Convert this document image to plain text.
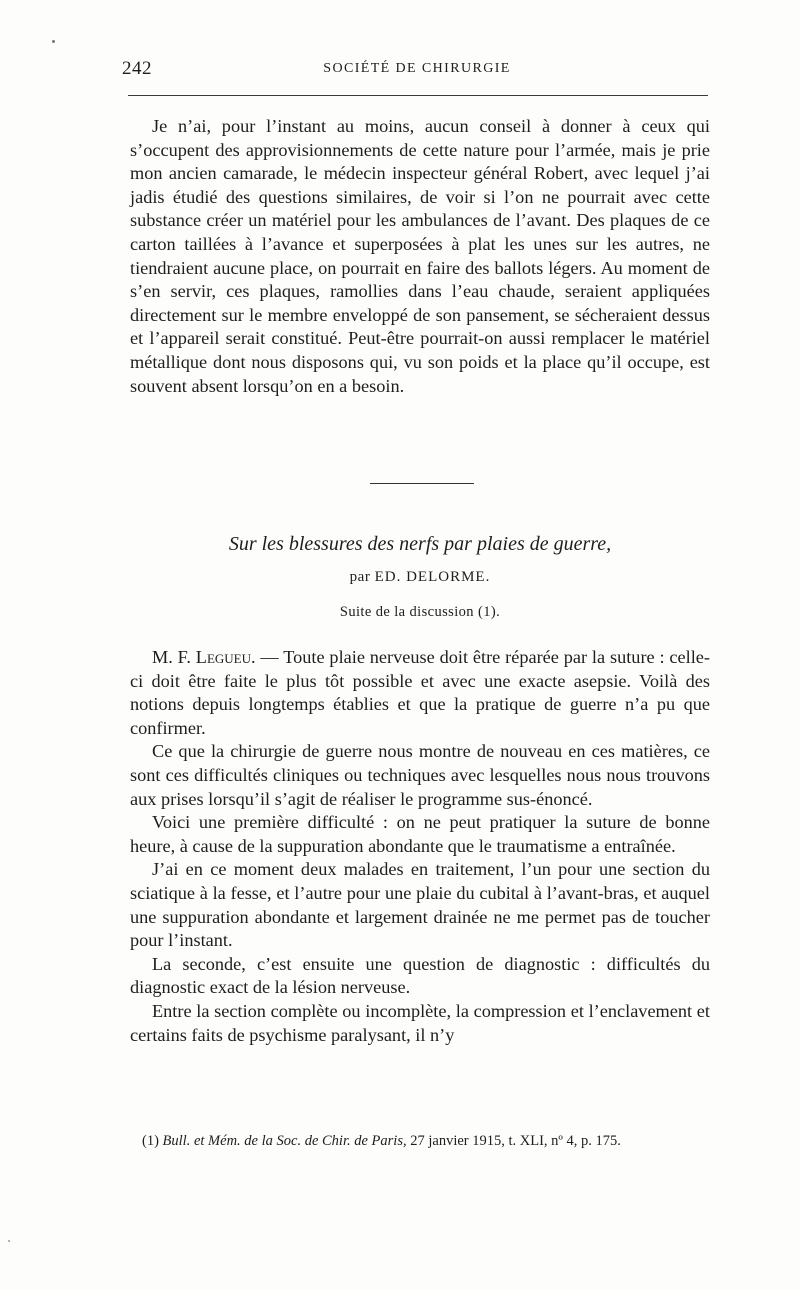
242	SOCIÉTÉ DE CHIRURGIE

Je n’ai, pour l’instant au moins, aucun conseil à donner à ceux qui s’occupent des approvisionnements de cette nature pour l’armée, mais je prie mon ancien camarade, le médecin inspecteur général Robert, avec lequel j’ai jadis étudié des questions similaires, de voir si l’on ne pourrait avec cette substance créer un matériel pour les ambulances de l’avant. Des plaques de ce carton taillées à l’avance et superposées à plat les unes sur les autres, ne tiendraient aucune place, on pourrait en faire des ballots légers. Au moment de s’en servir, ces plaques, ramollies dans l’eau chaude, seraient appliquées directement sur le membre enveloppé de son pansement, se sécheraient dessus et l’appareil serait constitué. Peut-être pourrait-on aussi remplacer le matériel métallique dont nous disposons qui, vu son poids et la place qu’il occupe, est souvent absent lorsqu’on en a besoin.

Sur les blessures des nerfs par plaies de guerre,
par ED. DELORME.
Suite de la discussion (1).

M. F. Legueu. — Toute plaie nerveuse doit être réparée par la suture : celle-ci doit être faite le plus tôt possible et avec une exacte asepsie. Voilà des notions depuis longtemps établies et que la pratique de guerre n’a pu que confirmer.

Ce que la chirurgie de guerre nous montre de nouveau en ces matières, ce sont ces difficultés cliniques ou techniques avec lesquelles nous nous trouvons aux prises lorsqu’il s’agit de réaliser le programme sus-énoncé.

Voici une première difficulté : on ne peut pratiquer la suture de bonne heure, à cause de la suppuration abondante que le traumatisme a entraînée.

J’ai en ce moment deux malades en traitement, l’un pour une section du sciatique à la fesse, et l’autre pour une plaie du cubital à l’avant-bras, et auquel une suppuration abondante et largement drainée ne me permet pas de toucher pour l’instant.

La seconde, c’est ensuite une question de diagnostic : difficultés du diagnostic exact de la lésion nerveuse.

Entre la section complète ou incomplète, la compression et l’enclavement et certains faits de psychisme paralysant, il n’y

(1) Bull. et Mém. de la Soc. de Chir. de Paris, 27 janvier 1915, t. XLI, nº 4, p. 175.
